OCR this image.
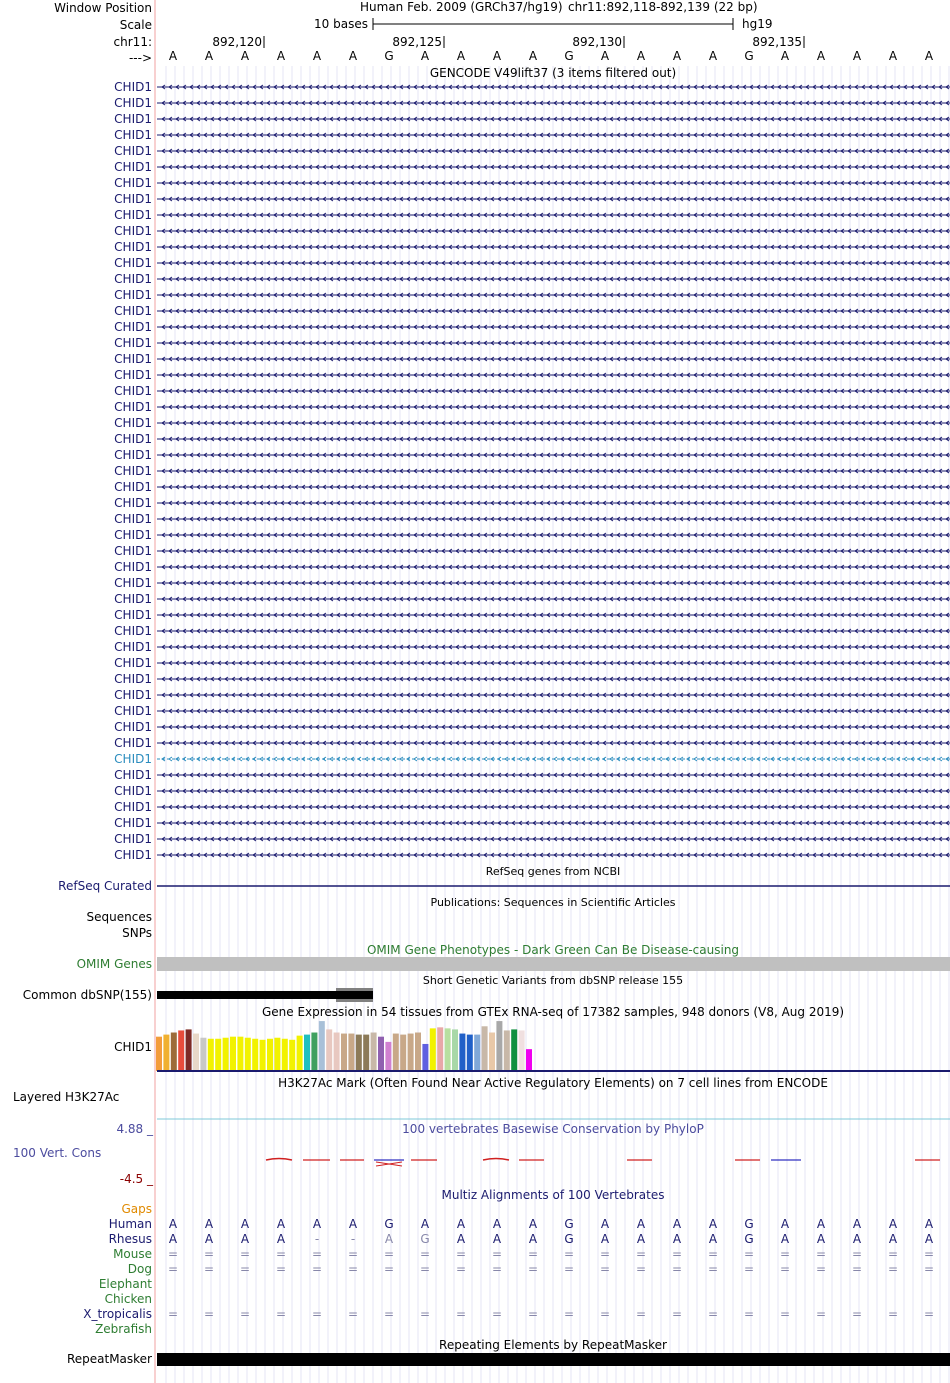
Window Position
Scale
chr11:
--->
Human Feb. 2009 (GRCh37/hg19) chr11:892,118-892,139 (22 bp)
10 bases	hg19
892,120	892,125	892,130	892,135
A	A	A	A	A	A	G	A	A	A	A	G	A	A	A	A	G	A	A	A	A	A
GENCODE V49lift37 (3 items filtered out)
CHID1
CHID1
CHID1
CHID1
CHID1
CHID1
CHID1
CHID1
CHID1
CHID1
CHID1
CHID1
CHID1
CHID1
CHID1
CHID1
CHID1
CHID1
CHID1
CHID1
CHID1
CHID1
CHID1
CHID1
CHID1
CHID1
CHID1
CHID1
CHID1
CHID1
CHID1
CHID1
CHID1
CHID1
CHID1
CHID1
CHID1
CHID1
CHID1
CHID1
CHID1
CHID1
CHID1
CHID1
CHID1
CHID1
CHID1
CHID1
CHID1
RefSeq genes from NCBI
RefSeq Curated
Publications: Sequences in Scientific Articles
Sequences
SNPs
OMIM Gene Phenotypes - Dark Green Can Be Disease-causing
OMIM Genes
Short Genetic Variants from dbSNP release 155
Common dbSNP(155)
Gene Expression in 54 tissues from GTEx RNA-seq of 17382 samples, 948 donors (V8, Aug 2019)
CHID1
H3K27Ac Mark (Often Found Near Active Regulatory Elements) on 7 cell lines from ENCODE
Layered H3K27Ac
100 vertebrates Basewise Conservation by PhyloP
4.88 _
100 Vert. Cons
-4.5 _
Multiz Alignments of 100 Vertebrates
Gaps
Human	A	A	A	A	A	A	G	A	A	A	A	G	A	A	A	A	G	A	A	A	A	A
Rhesus	A	A	A	A	-	-	A	G	A	A	A	G	A	A	A	A	G	A	A	A	A	A
Mouse	=	=	=	=	=	=	=	=	=	=	=	=	=	=	=	=	=	=	=	=	=	=
Dog	=	=	=	=	=	=	=	=	=	=	=	=	=	=	=	=	=	=	=	=	=	=
Elephant
Chicken
X_tropicalis	=	=	=	=	=	=	=	=	=	=	=	=	=	=	=	=	=	=	=	=	=	=
Zebrafish
Repeating Elements by RepeatMasker
RepeatMasker
